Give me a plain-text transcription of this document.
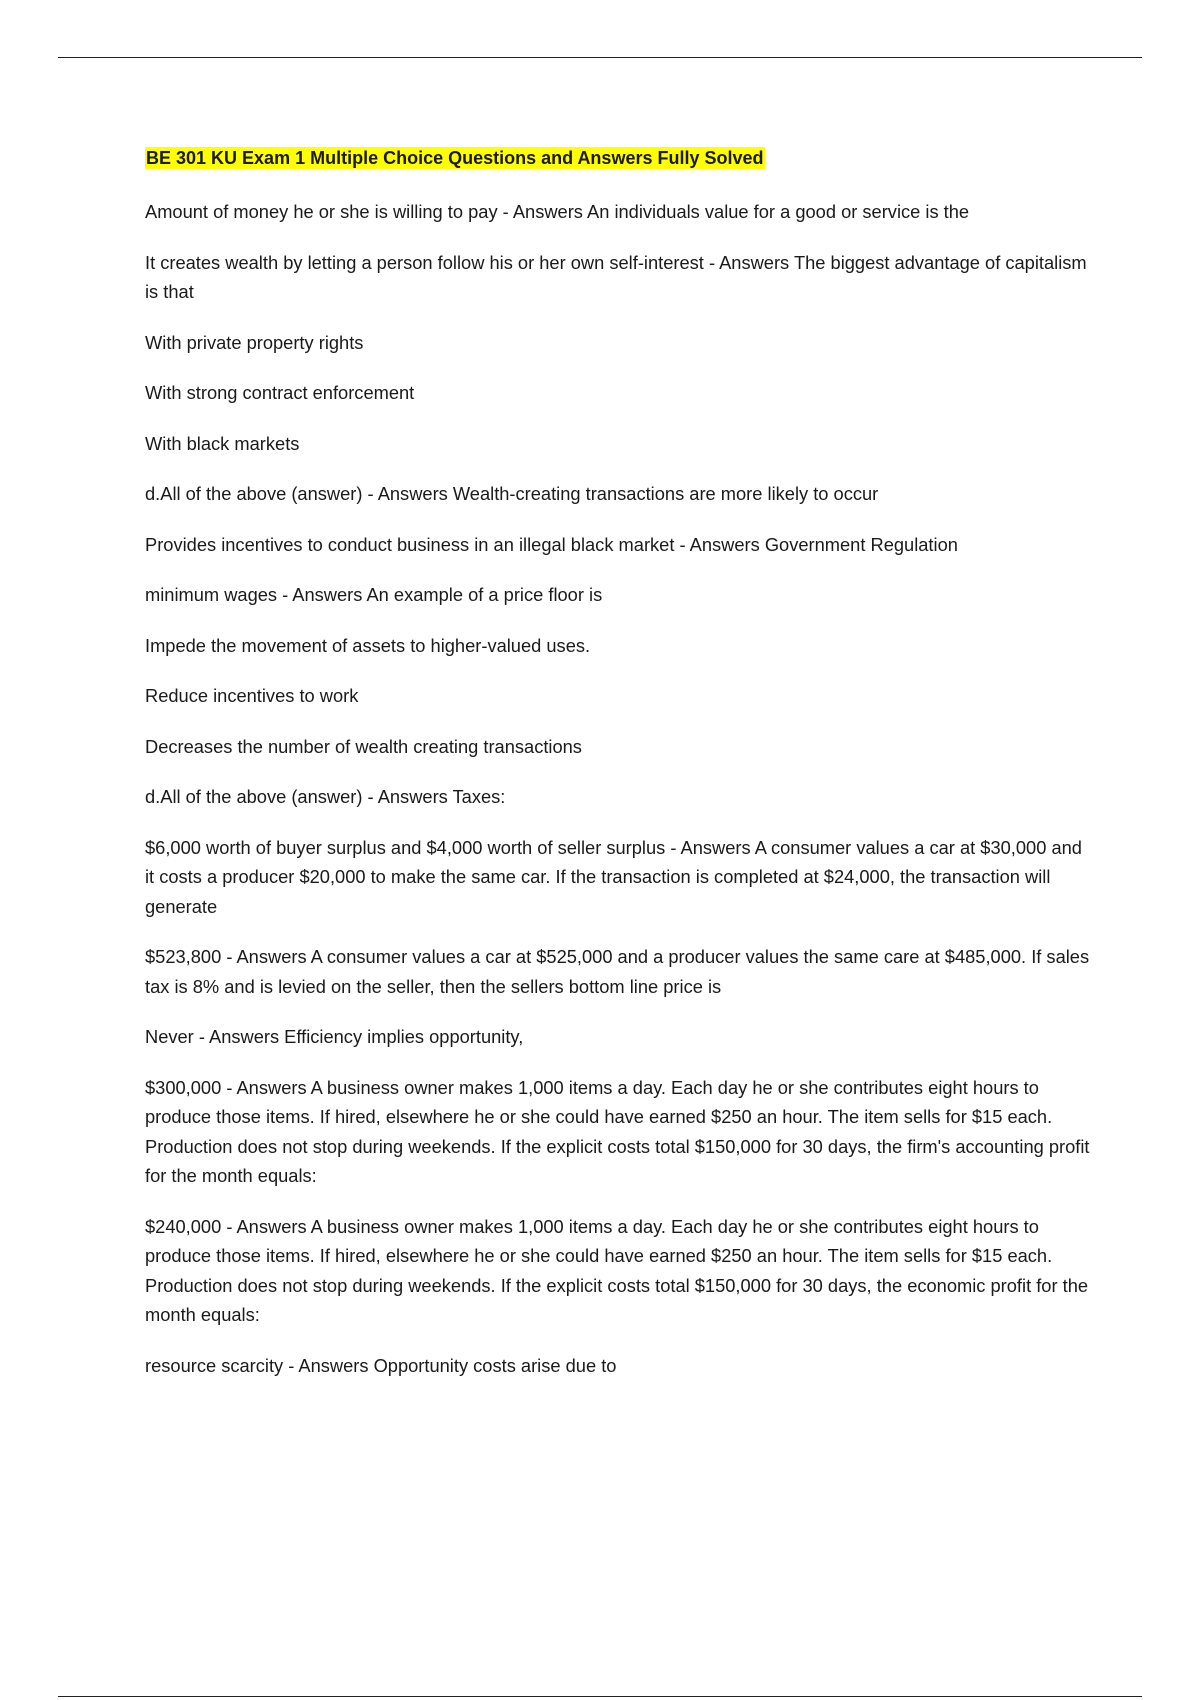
BE 301 KU Exam 1 Multiple Choice Questions and Answers Fully Solved

Amount of money he or she is willing to pay - Answers An individuals value for a good or service is the

It creates wealth by letting a person follow his or her own self-interest - Answers The biggest advantage of capitalism is that

With private property rights

With strong contract enforcement

With black markets

d.All of the above (answer) - Answers Wealth-creating transactions are more likely to occur

Provides incentives to conduct business in an illegal black market - Answers Government Regulation

minimum wages - Answers An example of a price floor is

Impede the movement of assets to higher-valued uses.

Reduce incentives to work

Decreases the number of wealth creating transactions

d.All of the above (answer) - Answers Taxes:

$6,000 worth of buyer surplus and $4,000 worth of seller surplus - Answers A consumer values a car at $30,000 and it costs a producer $20,000 to make the same car. If the transaction is completed at $24,000, the transaction will generate

$523,800 - Answers A consumer values a car at $525,000 and a producer values the same care at $485,000. If sales tax is 8% and is levied on the seller, then the sellers bottom line price is

Never - Answers Efficiency implies opportunity,

$300,000 - Answers A business owner makes 1,000 items a day. Each day he or she contributes eight hours to produce those items. If hired, elsewhere he or she could have earned $250 an hour. The item sells for $15 each. Production does not stop during weekends. If the explicit costs total $150,000 for 30 days, the firm's accounting profit for the month equals:

$240,000 - Answers A business owner makes 1,000 items a day. Each day he or she contributes eight hours to produce those items. If hired, elsewhere he or she could have earned $250 an hour. The item sells for $15 each. Production does not stop during weekends. If the explicit costs total $150,000 for 30 days, the economic profit for the month equals:

resource scarcity - Answers Opportunity costs arise due to
